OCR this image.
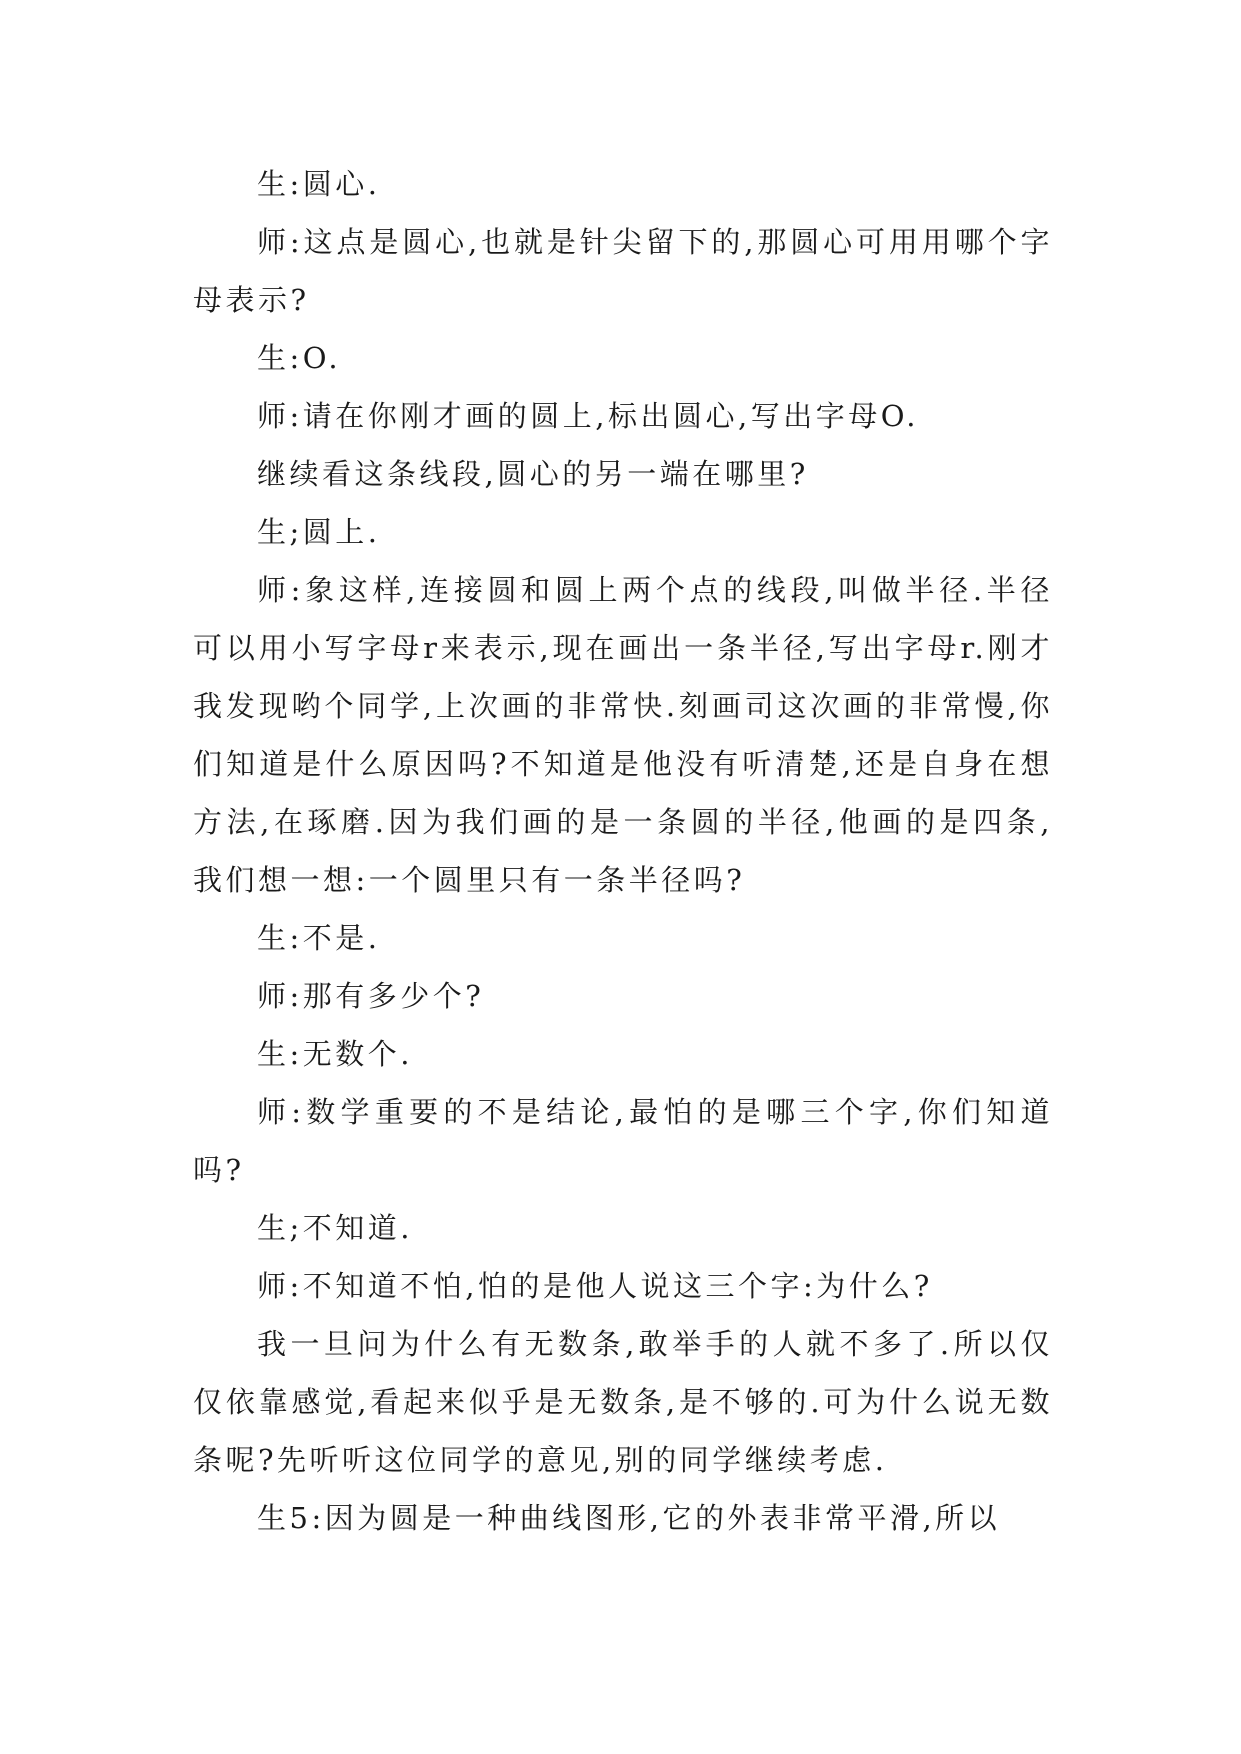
生:圆心.

师:这点是圆心,也就是针尖留下的,那圆心可用用哪个字母表示?

生:O.

师:请在你刚才画的圆上,标出圆心,写出字母O.

继续看这条线段,圆心的另一端在哪里?

生;圆上.

师:象这样,连接圆和圆上两个点的线段,叫做半径.半径可以用小写字母r来表示,现在画出一条半径,写出字母r.刚才我发现哟个同学,上次画的非常快.刻画司这次画的非常慢,你们知道是什么原因吗?不知道是他没有听清楚,还是自身在想方法,在琢磨.因为我们画的是一条圆的半径,他画的是四条,我们想一想:一个圆里只有一条半径吗?

生:不是.

师:那有多少个?

生:无数个.

师:数学重要的不是结论,最怕的是哪三个字,你们知道吗?

生;不知道.

师:不知道不怕,怕的是他人说这三个字:为什么?

我一旦问为什么有无数条,敢举手的人就不多了.所以仅仅依靠感觉,看起来似乎是无数条,是不够的.可为什么说无数条呢?先听听这位同学的意见,别的同学继续考虑.

生5:因为圆是一种曲线图形,它的外表非常平滑,所以
